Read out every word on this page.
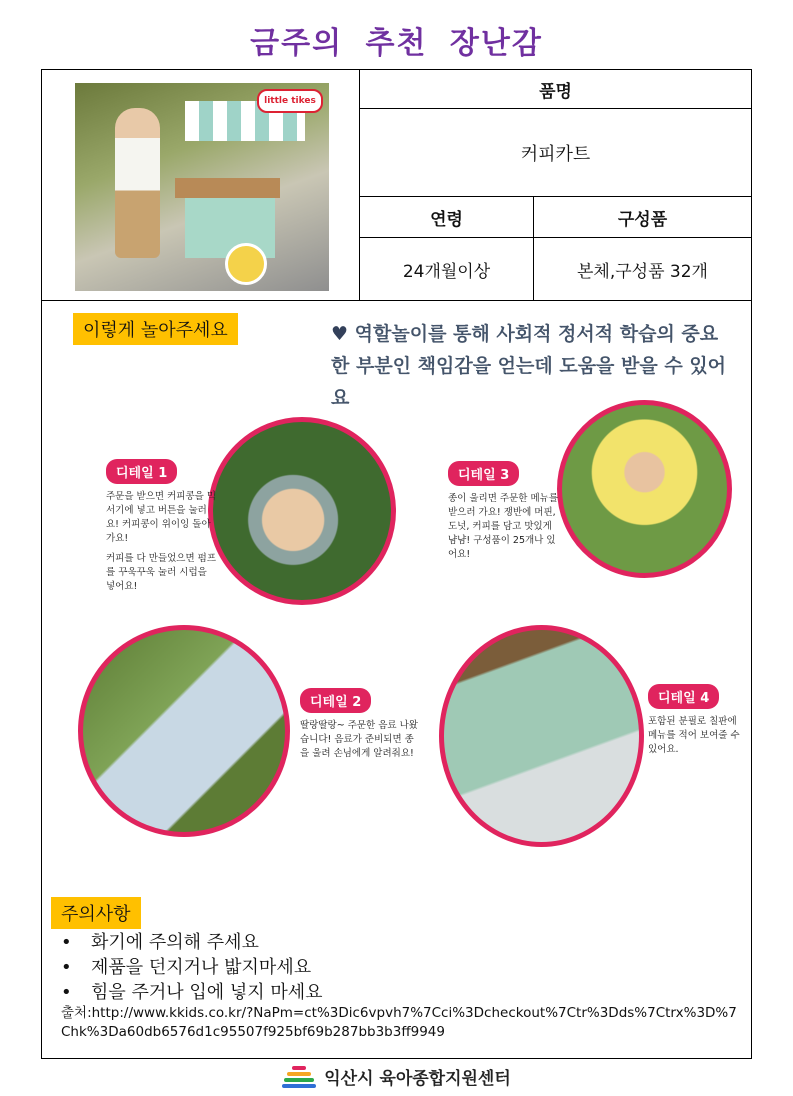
금주의 추천 장난감
little tikes	품명
커피카트
연령	구성품
24개월이상	본체,구성품 32개
이렇게 놀아주세요	♥ 역할놀이를 통해 사회적 정서적 학습의 중요한 부분인 책임감을 얻는데 도움을 받을 수 있어요
디테일 1
주문을 받으면 커피콩을 믹서기에 넣고 버튼을 눌러요! 커피콩이 위이잉 돌아가요!
커피를 다 만들었으면 펌프를 꾸욱꾸욱 눌러 시럽을 넣어요!
디테일 3
종이 울리면 주문한 메뉴를 받으러 가요! 쟁반에 머핀, 도넛, 커피를 담고 맛있게 냠냠! 구성품이 25개나 있어요!
디테일 2
딸랑딸랑~ 주문한 음료 나왔습니다! 음료가 준비되면 종을 울려 손님에게 알려줘요!
디테일 4
포함된 분필로 칠판에 메뉴를 적어 보여줄 수 있어요.
주의사항
• 화기에 주의해 주세요
• 제품을 던지거나 밟지마세요
• 힘을 주거나 입에 넣지 마세요
출처:http://www.kkids.co.kr/?NaPm=ct%3Dic6vpvh7%7Cci%3Dcheckout%7Ctr%3Dds%7Ctrx%3D%7Chk%3Da60db6576d1c95507f925bf69b287bb3b3ff9949
익산시 육아종합지원센터
